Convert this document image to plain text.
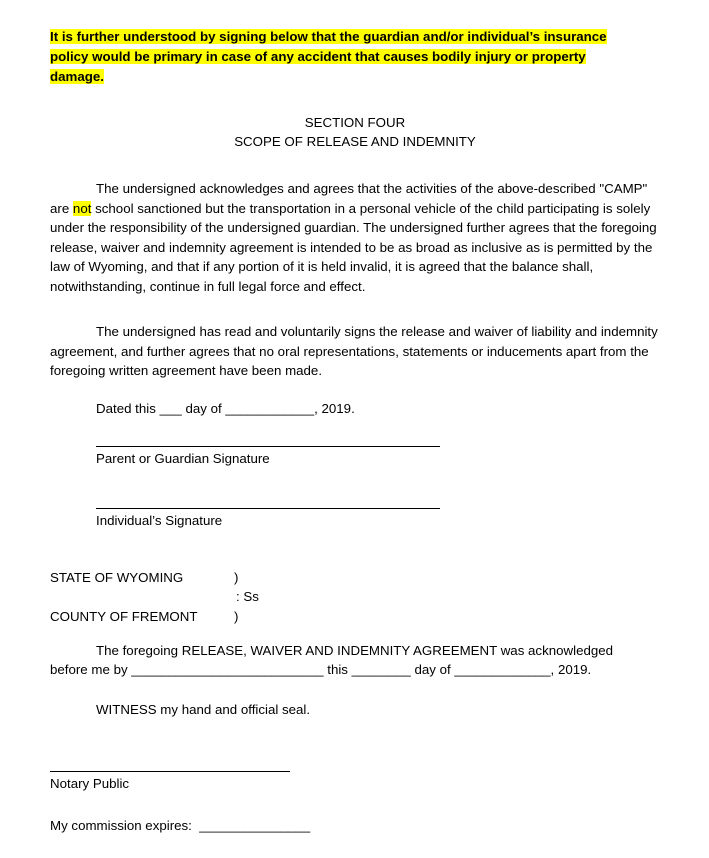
It is further understood by signing below that the guardian and/or individual’s insurance
policy would be primary in case of any accident that causes bodily injury or property
damage.
SECTION FOUR
SCOPE OF RELEASE AND INDEMNITY

The undersigned acknowledges and agrees that the activities of the above-described "CAMP" are not school sanctioned but the transportation in a personal vehicle of the child participating is solely under the responsibility of the undersigned guardian. The undersigned further agrees that the foregoing release, waiver and indemnity agreement is intended to be as broad as inclusive as is permitted by the law of Wyoming, and that if any portion of it is held invalid, it is agreed that the balance shall, notwithstanding, continue in full legal force and effect.

The undersigned has read and voluntarily signs the release and waiver of liability and indemnity agreement, and further agrees that no oral representations, statements or inducements apart from the foregoing written agreement have been made.

Dated this ___ day of ____________, 2019.
Parent or Guardian Signature
Individual’s Signature
STATE OF WYOMING	)
: Ss
COUNTY OF FREMONT	)
The foregoing RELEASE, WAIVER AND INDEMNITY AGREEMENT was acknowledged
before me by __________________________ this ________ day of _____________, 2019.
WITNESS my hand and official seal.
Notary Public
My commission expires:  _______________
